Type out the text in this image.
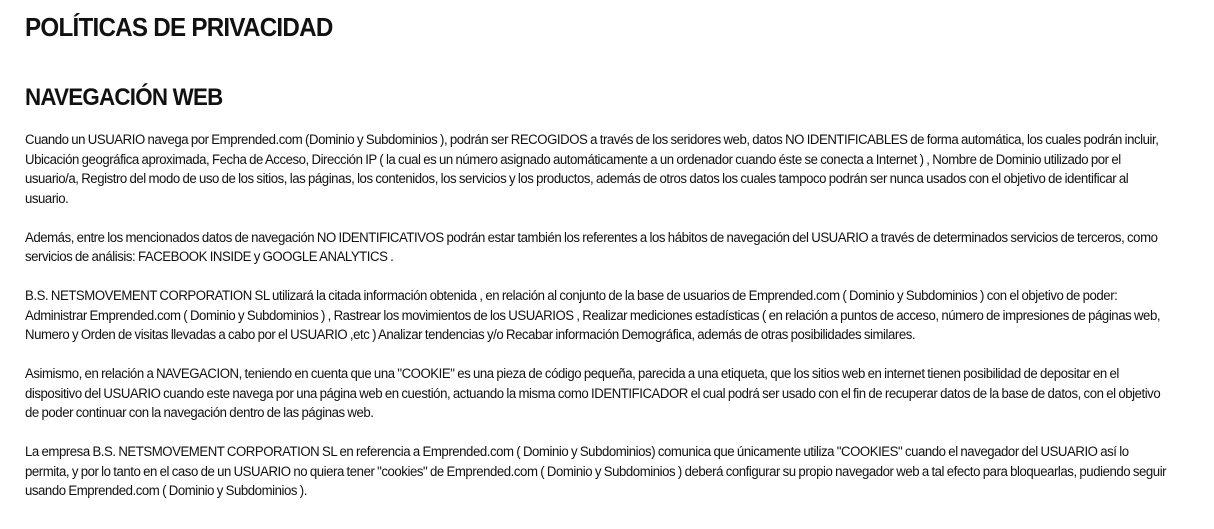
POLÍTICAS DE PRIVACIDAD
NAVEGACIÓN WEB

Cuando un USUARIO navega por Emprended.com (Dominio y Subdominios ), podrán ser RECOGIDOS a través de los seridores web, datos NO IDENTIFICABLES de forma automática, los cuales podrán incluir, Ubicación geográfica aproximada, Fecha de Acceso, Dirección IP ( la cual es un número asignado automáticamente a un ordenador cuando éste se conecta a Internet ) , Nombre de Dominio utilizado por el usuario/a, Registro del modo de uso de los sitios, las páginas, los contenidos, los servicios y los productos, además de otros datos los cuales tampoco podrán ser nunca usados con el objetivo de identificar al usuario.

Además, entre los mencionados datos de navegación NO IDENTIFICATIVOS podrán estar también los referentes a los hábitos de navegación del USUARIO a través de determinados servicios de terceros, como servicios de análisis: FACEBOOK INSIDE y GOOGLE ANALYTICS .

B.S. NETSMOVEMENT CORPORATION SL utilizará la citada información obtenida , en relación al conjunto de la base de usuarios de Emprended.com ( Dominio y Subdominios ) con el objetivo de poder: Administrar Emprended.com ( Dominio y Subdominios ) , Rastrear los movimientos de los USUARIOS , Realizar mediciones estadísticas ( en relación a puntos de acceso, número de impresiones de páginas web, Numero y Orden de visitas llevadas a cabo por el USUARIO ,etc ) Analizar tendencias y/o Recabar información Demográfica, además de otras posibilidades similares.

Asimismo, en relación a NAVEGACION, teniendo en cuenta que una "COOKIE" es una pieza de código pequeña, parecida a una etiqueta, que los sitios web en internet tienen posibilidad de depositar en el dispositivo del USUARIO cuando este navega por una página web en cuestión, actuando la misma como IDENTIFICADOR el cual podrá ser usado con el fin de recuperar datos de la base de datos, con el objetivo de poder continuar con la navegación dentro de las páginas web.

La empresa B.S. NETSMOVEMENT CORPORATION SL en referencia a Emprended.com ( Dominio y Subdominios) comunica que únicamente utiliza "COOKIES" cuando el navegador del USUARIO así lo permita, y por lo tanto en el caso de un USUARIO no quiera tener "cookies" de Emprended.com ( Dominio y Subdominios ) deberá configurar su propio navegador web a tal efecto para bloquearlas, pudiendo seguir usando Emprended.com ( Dominio y Subdominios ).
